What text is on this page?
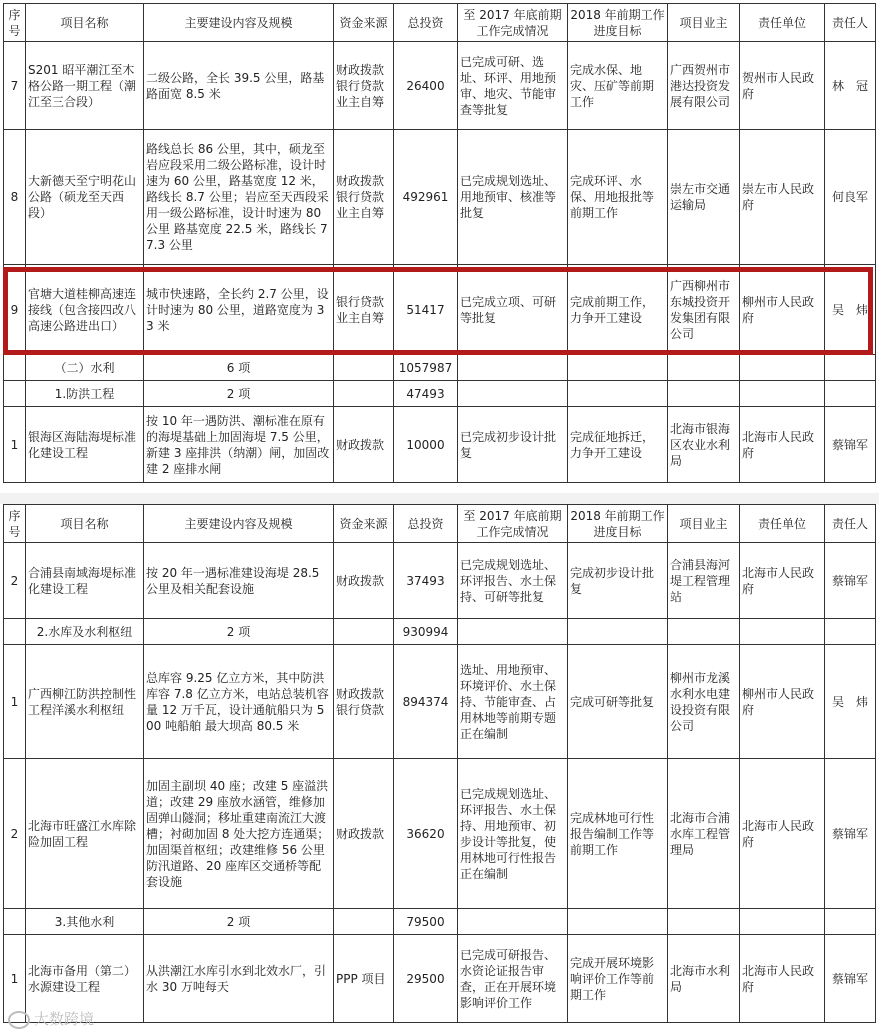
序号	项目名称	主要建设内容及规模	资金来源	总投资	至 2017 年底前期工作完成情况	2018 年前期工作进度目标	项目业主	责任单位	责任人
7	S201 昭平潮江至木格公路一期工程（潮江至三合段）	二级公路，全长 39.5 公里，路基路面宽 8.5 米	财政拨款银行贷款业主自筹	26400	已完成可研、选址、环评、用地预审、地灾、节能审查等批复	完成水保、地灾、压矿等前期工作	广西贺州市港达投资发展有限公司	贺州市人民政府	林　冠
8	大新德天至宁明花山公路（硕龙至天西段）	路线总长 86 公里，其中，硕龙至岩应段采用二级公路标准，设计时速为 60 公里，路基宽度 12 米，路线长 8.7 公里；岩应至天西段采用一级公路标准，设计时速为 80 公里 路基宽度 22.5 米，路线长 77.3 公里	财政拨款银行贷款业主自筹	492961	已完成规划选址、用地预审、核准等批复	完成环评、水保、用地报批等前期工作	崇左市交通运输局	崇左市人民政府	何良军
9	官塘大道桂柳高速连接线（包含接四改八高速公路进出口）	城市快速路，全长约 2.7 公里，设计时速为 80 公里，道路宽度为 33 米	银行贷款业主自筹	51417	已完成立项、可研等批复	完成前期工作，力争开工建设	广西柳州市东城投资开发集团有限公司	柳州市人民政府	吴　炜
	（二）水利	6 项		1057987					
	1.防洪工程	2 项		47493					
1	银海区海陆海堤标准化建设工程	按 10 年一遇防洪、潮标准在原有的海堤基础上加固海堤 7.5 公里，新建 3 座排洪（纳潮）闸，加固改建 2 座排水闸	财政拨款	10000	已完成初步设计批复	完成征地拆迁，力争开工建设	北海市银海区农业水利局	北海市人民政府	蔡锦军
序号	项目名称	主要建设内容及规模	资金来源	总投资	至 2017 年底前期工作完成情况	2018 年前期工作进度目标	项目业主	责任单位	责任人
2	合浦县南域海堤标准化建设工程	按 20 年一遇标准建设海堤 28.5 公里及相关配套设施	财政拨款	37493	已完成规划选址、环评报告、水土保持、可研等批复	完成初步设计批复	合浦县海河堤工程管理站	北海市人民政府	蔡锦军
	2.水库及水利枢纽	2 项		930994					
1	广西柳江防洪控制性工程洋溪水利枢纽	总库容 9.25 亿立方米，其中防洪库容 7.8 亿立方米，电站总装机容量 12 万千瓦，设计通航船只为 500 吨船舶 最大坝高 80.5 米	财政拨款银行贷款	894374	选址、用地预审、环境评价、水土保持、节能审查、占用林地等前期专题正在编制	完成可研等批复	柳州市龙溪水利水电建设投资有限公司	柳州市人民政府	吴　炜
2	北海市旺盛江水库除险加固工程	加固主副坝 40 座；改建 5 座溢洪道；改建 29 座放水涵管，维修加固弹山隧洞；移址重建南流江大渡槽；衬砌加固 8 处大挖方连通渠；加固渠首枢纽；改建维修 56 公里防汛道路、20 座库区交通桥等配套设施	财政拨款	36620	已完成规划选址、环评报告、水土保持、用地预审、初步设计等批复，使用林地可行性报告正在编制	完成林地可行性报告编制工作等前期工作	北海市合浦水库工程管理局	北海市人民政府	蔡锦军
	3.其他水利	2 项		79500					
1	北海市备用（第二）水源建设工程	从洪潮江水库引水到北效水厂，引水 30 万吨每天	PPP 项目	29500	已完成可研报告、水资论证报告审查，正在开展环境影响评价工作	完成开展环境影响评价工作等前期工作	北海市水利局	北海市人民政府	蔡锦军
大数跨境
